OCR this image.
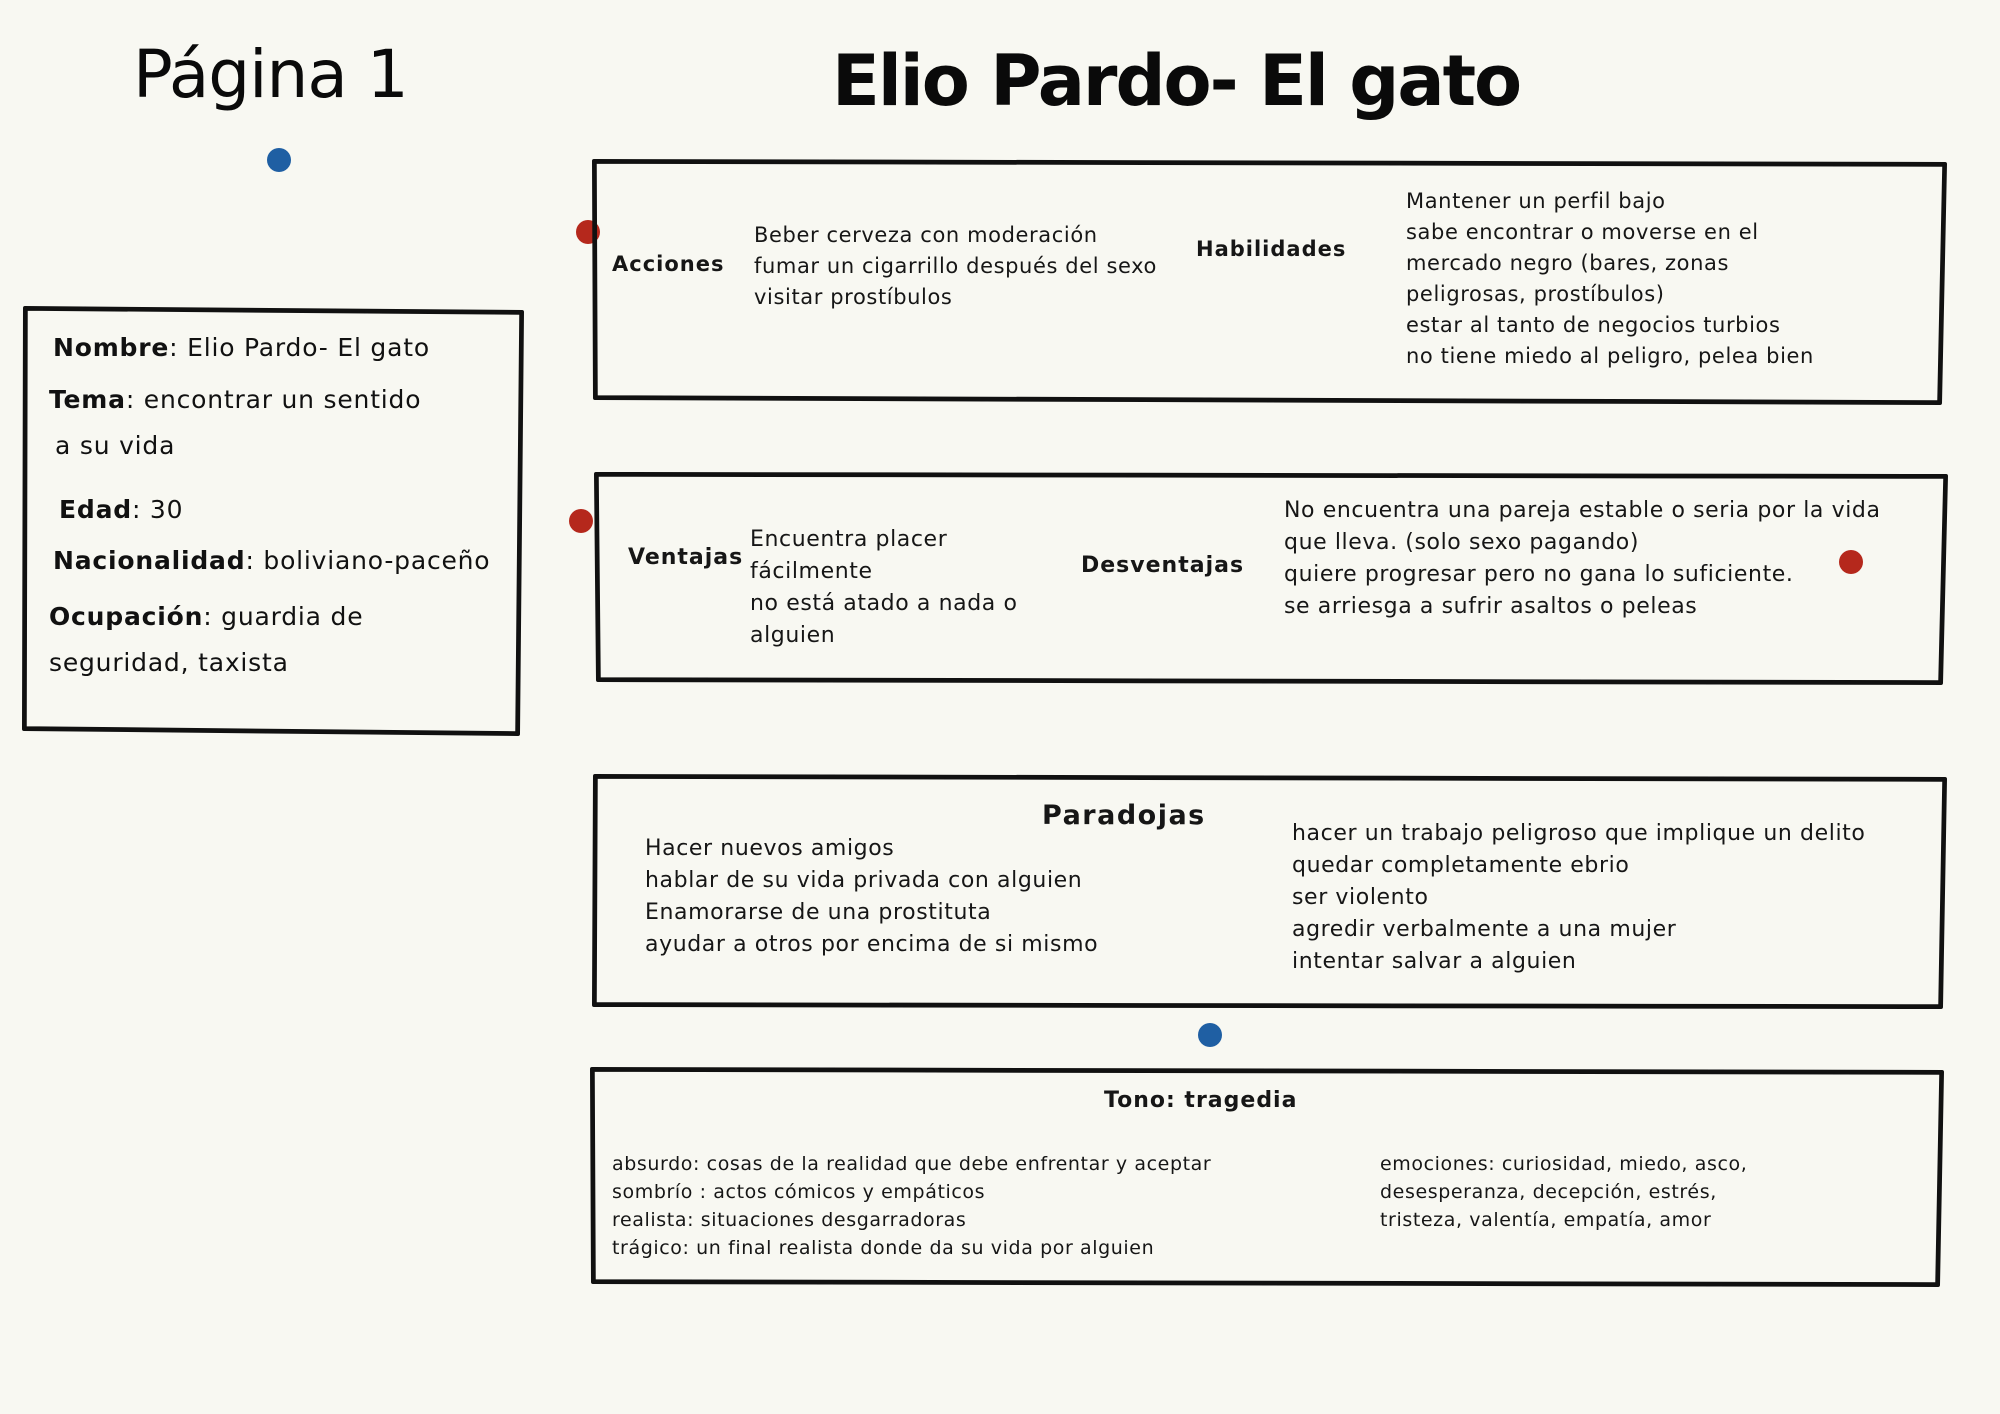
Página 1	Elio Pardo- El gato
Nombre: Elio Pardo- El gato
Tema: encontrar un sentido
a su vida
Edad: 30
Nacionalidad: boliviano-paceño
Ocupación: guardia de
seguridad, taxista
Acciones
Beber cerveza con moderación
fumar un cigarrillo después del sexo
visitar prostíbulos
Habilidades
Mantener un perfil bajo
sabe encontrar o moverse en el
mercado negro (bares, zonas
peligrosas, prostíbulos)
estar al tanto de negocios turbios
no tiene miedo al peligro, pelea bien
Ventajas
Encuentra placer
fácilmente
no está atado a nada o
alguien
Desventajas
No encuentra una pareja estable o seria por la vida
que lleva. (solo sexo pagando)
quiere progresar pero no gana lo suficiente.
se arriesga a sufrir asaltos o peleas
Paradojas
Hacer nuevos amigos
hablar de su vida privada con alguien
Enamorarse de una prostituta
ayudar a otros por encima de si mismo
hacer un trabajo peligroso que implique un delito
quedar completamente ebrio
ser violento
agredir verbalmente a una mujer
intentar salvar a alguien
Tono: tragedia
absurdo: cosas de la realidad que debe enfrentar y aceptar
sombrío : actos cómicos y empáticos
realista: situaciones desgarradoras
trágico: un final realista donde da su vida por alguien
emociones: curiosidad, miedo, asco,
desesperanza, decepción, estrés,
tristeza, valentía, empatía, amor
